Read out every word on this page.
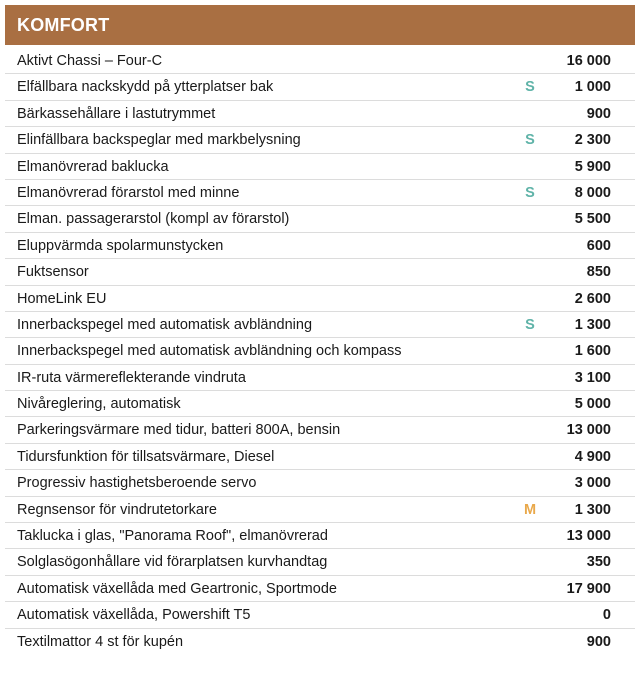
KOMFORT
Aktivt Chassi – Four-C	16 000
Elfällbara nackskydd på ytterplatser bak	S	1 000
Bärkassehållare i lastutrymmet	900
Elinfällbara backspeglar med markbelysning	S	2 300
Elmanövrerad baklucka	5 900
Elmanövrerad förarstol med minne	S	8 000
Elman. passagerarstol (kompl av förarstol)	5 500
Eluppvärmda spolarmunstycken	600
Fuktsensor	850
HomeLink EU	2 600
Innerbackspegel med automatisk avbländning	S	1 300
Innerbackspegel med automatisk avbländning och kompass	1 600
IR-ruta värmereflekterande vindruta	3 100
Nivåreglering, automatisk	5 000
Parkeringsvärmare med tidur, batteri 800A, bensin	13 000
Tidursfunktion för tillsatsvärmare, Diesel	4 900
Progressiv hastighetsberoende servo	3 000
Regnsensor för vindrutetorkare	M	1 300
Taklucka i glas, "Panorama Roof", elmanövrerad	13 000
Solglasögonhållare vid förarplatsen kurvhandtag	350
Automatisk växellåda med Geartronic, Sportmode	17 900
Automatisk växellåda, Powershift T5	0
Textilmattor 4 st för kupén	900
